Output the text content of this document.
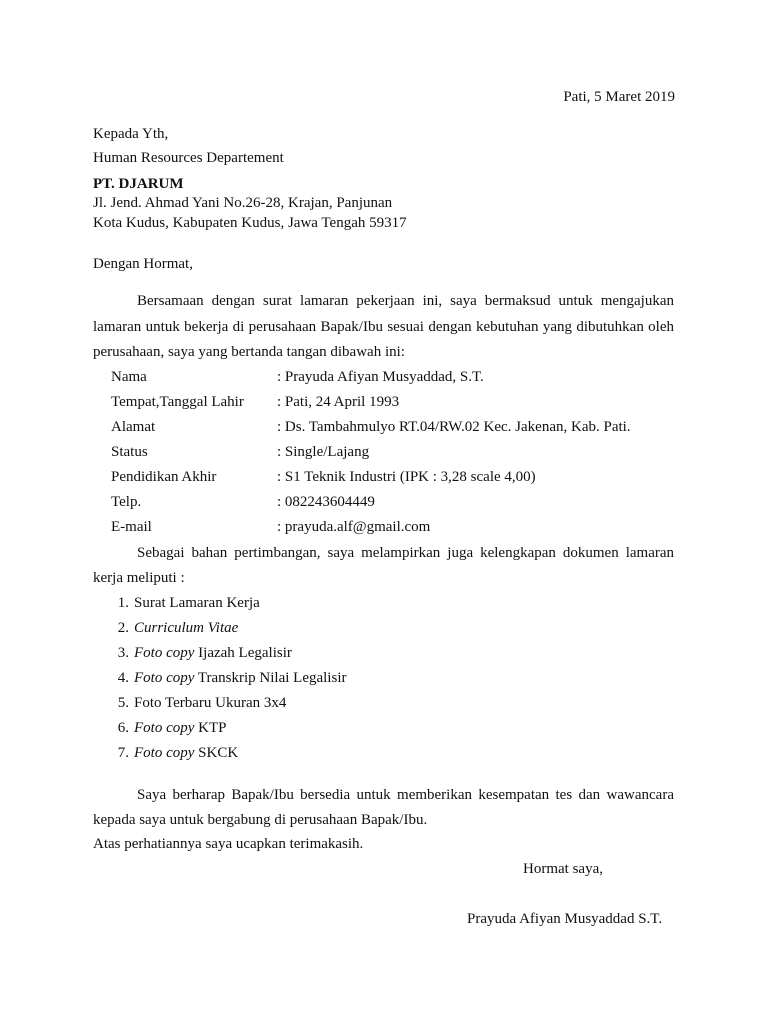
Pati, 5 Maret 2019
Kepada Yth,
Human Resources Departement
PT. DJARUM
Jl. Jend. Ahmad Yani No.26-28, Krajan, Panjunan
Kota Kudus, Kabupaten Kudus, Jawa Tengah 59317
Dengan Hormat,
Bersamaan dengan surat lamaran pekerjaan ini, saya bermaksud untuk mengajukan
lamaran untuk bekerja di perusahaan Bapak/Ibu sesuai dengan kebutuhan yang dibutuhkan oleh
perusahaan, saya yang bertanda tangan dibawah ini:
Nama	: Prayuda Afiyan Musyaddad, S.T.
Tempat,Tanggal Lahir : Pati, 24 April 1993
Alamat	: Ds. Tambahmulyo RT.04/RW.02 Kec. Jakenan, Kab. Pati.
Status	: Single/Lajang
Pendidikan Akhir	: S1 Teknik Industri (IPK : 3,28 scale 4,00)
Telp.	: 082243604449
E-mail	: prayuda.alf@gmail.com
Sebagai bahan pertimbangan, saya melampirkan juga kelengkapan dokumen lamaran
kerja meliputi :
1. Surat Lamaran Kerja
2. Curriculum Vitae
3. Foto copy Ijazah Legalisir
4. Foto copy Transkrip Nilai Legalisir
5. Foto Terbaru Ukuran 3x4
6. Foto copy KTP
7. Foto copy SKCK
Saya berharap Bapak/Ibu bersedia untuk memberikan kesempatan tes dan wawancara
kepada saya untuk bergabung di perusahaan Bapak/Ibu.
Atas perhatiannya saya ucapkan terimakasih.
Hormat saya,
Prayuda Afiyan Musyaddad S.T.
